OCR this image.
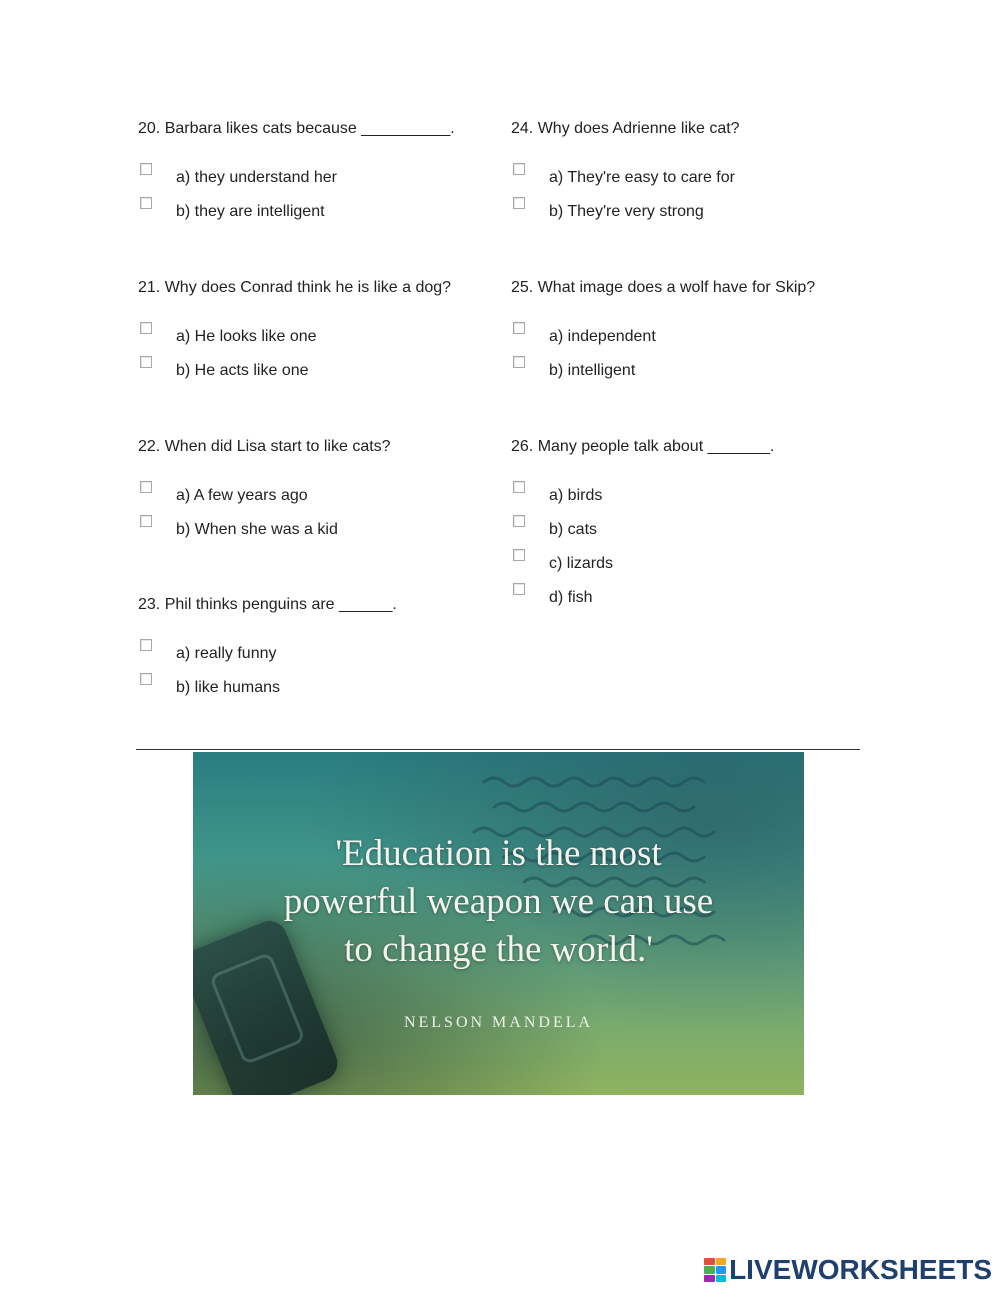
20. Barbara likes cats because __________.

a) they understand her
b) they are intelligent

21. Why does Conrad think he is like a dog?

a) He looks like one
b) He acts like one

22. When did Lisa start to like cats?

a) A few years ago
b) When she was a kid

23. Phil thinks penguins are ______.

a) really funny
b) like humans

24. Why does Adrienne like cat?

a) They're easy to care for
b) They're very strong

25. What image does a wolf have for Skip?

a) independent
b) intelligent

26. Many people talk about _______.

a) birds
b) cats
c) lizards
d) fish
'Education is the most
powerful weapon we can use
to change the world.'
NELSON MANDELA
LIVEWORKSHEETS
